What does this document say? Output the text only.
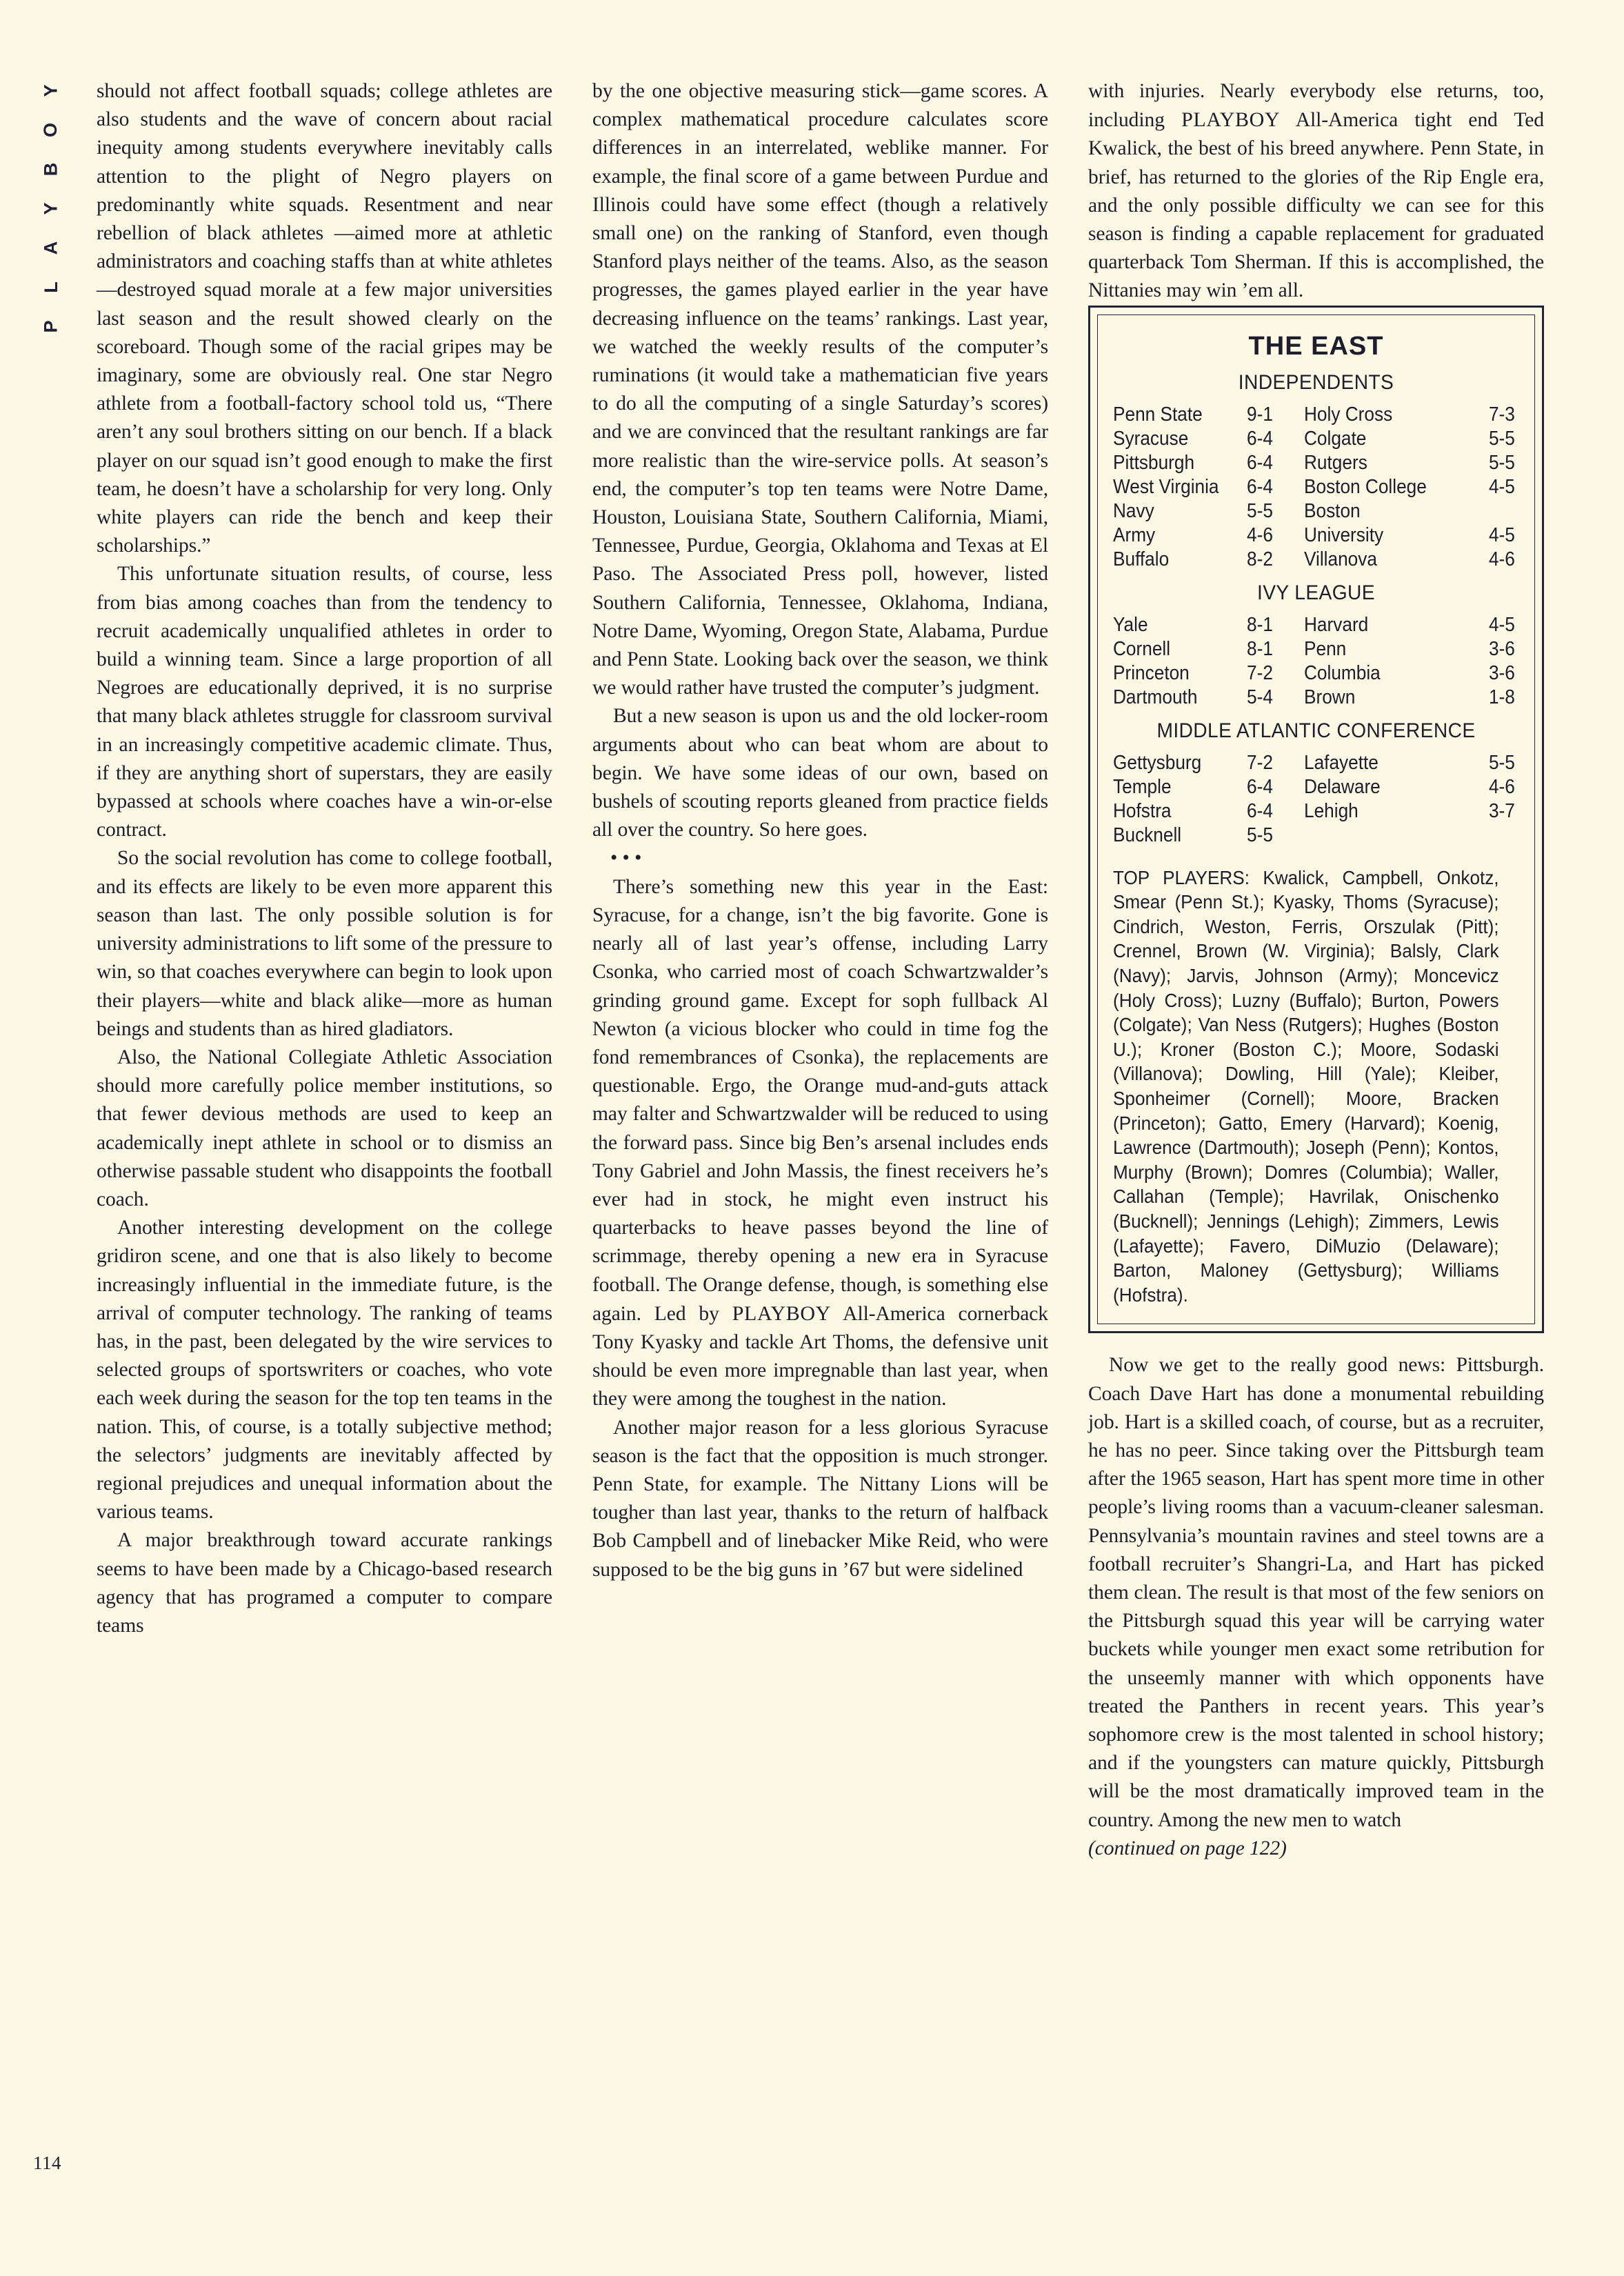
Y
O
B
Y
A
L
P

should not affect football squads; college athletes are also students and the wave of concern about racial inequity among students everywhere inevitably calls attention to the plight of Negro players on predominantly white squads. Resentment and near rebellion of black athletes —aimed more at athletic administrators and coaching staffs than at white athletes —destroyed squad morale at a few major universities last season and the result showed clearly on the scoreboard. Though some of the racial gripes may be imaginary, some are obviously real. One star Negro athlete from a football-factory school told us, “There aren’t any soul brothers sitting on our bench. If a black player on our squad isn’t good enough to make the first team, he doesn’t have a scholarship for very long. Only white players can ride the bench and keep their scholarships.”

This unfortunate situation results, of course, less from bias among coaches than from the tendency to recruit academically unqualified athletes in order to build a winning team. Since a large proportion of all Negroes are educationally deprived, it is no surprise that many black athletes struggle for classroom survival in an increasingly competitive academic climate. Thus, if they are anything short of superstars, they are easily bypassed at schools where coaches have a win-or-else contract.

So the social revolution has come to college football, and its effects are likely to be even more apparent this season than last. The only possible solution is for university administrations to lift some of the pressure to win, so that coaches everywhere can begin to look upon their players—white and black alike—more as human beings and students than as hired gladiators.

Also, the National Collegiate Athletic Association should more carefully police member institutions, so that fewer devious methods are used to keep an academically inept athlete in school or to dismiss an otherwise passable student who disappoints the football coach.

Another interesting development on the college gridiron scene, and one that is also likely to become increasingly influential in the immediate future, is the arrival of computer technology. The ranking of teams has, in the past, been delegated by the wire services to selected groups of sportswriters or coaches, who vote each week during the season for the top ten teams in the nation. This, of course, is a totally subjective method; the selectors’ judgments are inevitably affected by regional prejudices and unequal information about the various teams.

A major breakthrough toward accurate rankings seems to have been made by a Chicago-based research agency that has programed a computer to compare teams

by the one objective measuring stick—game scores. A complex mathematical procedure calculates score differences in an interrelated, weblike manner. For example, the final score of a game between Purdue and Illinois could have some effect (though a relatively small one) on the ranking of Stanford, even though Stanford plays neither of the teams. Also, as the season progresses, the games played earlier in the year have decreasing influence on the teams’ rankings. Last year, we watched the weekly results of the computer’s ruminations (it would take a mathematician five years to do all the computing of a single Saturday’s scores) and we are convinced that the resultant rankings are far more realistic than the wire-service polls. At season’s end, the computer’s top ten teams were Notre Dame, Houston, Louisiana State, Southern California, Miami, Tennessee, Purdue, Georgia, Oklahoma and Texas at El Paso. The Associated Press poll, however, listed Southern California, Tennessee, Oklahoma, Indiana, Notre Dame, Wyoming, Oregon State, Alabama, Purdue and Penn State. Looking back over the season, we think we would rather have trusted the computer’s judgment.

But a new season is upon us and the old locker-room arguments about who can beat whom are about to begin. We have some ideas of our own, based on bushels of scouting reports gleaned from practice fields all over the country. So here goes.

• • •

There’s something new this year in the East: Syracuse, for a change, isn’t the big favorite. Gone is nearly all of last year’s offense, including Larry Csonka, who carried most of coach Schwartzwalder’s grinding ground game. Except for soph fullback Al Newton (a vicious blocker who could in time fog the fond remembrances of Csonka), the replacements are questionable. Ergo, the Orange mud-and-guts attack may falter and Schwartzwalder will be reduced to using the forward pass. Since big Ben’s arsenal includes ends Tony Gabriel and John Massis, the finest receivers he’s ever had in stock, he might even instruct his quarterbacks to heave passes beyond the line of scrimmage, thereby opening a new era in Syracuse football. The Orange defense, though, is something else again. Led by PLAYBOY All-America cornerback Tony Kyasky and tackle Art Thoms, the defensive unit should be even more impregnable than last year, when they were among the toughest in the nation.

Another major reason for a less glorious Syracuse season is the fact that the opposition is much stronger. Penn State, for example. The Nittany Lions will be tougher than last year, thanks to the return of halfback Bob Campbell and of linebacker Mike Reid, who were supposed to be the big guns in ’67 but were sidelined

with injuries. Nearly everybody else returns, too, including PLAYBOY All-America tight end Ted Kwalick, the best of his breed anywhere. Penn State, in brief, has returned to the glories of the Rip Engle era, and the only possible difficulty we can see for this season is finding a capable replacement for graduated quarterback Tom Sherman. If this is accomplished, the Nittanies may win ’em all.

THE EAST
INDEPENDENTS
Penn State	9-1	Holy Cross	7-3
Syracuse	6-4	Colgate	5-5
Pittsburgh	6-4	Rutgers	5-5
West Virginia	6-4	Boston College	4-5
Navy	5-5	Boston	
Army	4-6	University	4-5
Buffalo	8-2	Villanova	4-6
IVY LEAGUE
Yale	8-1	Harvard	4-5
Cornell	8-1	Penn	3-6
Princeton	7-2	Columbia	3-6
Dartmouth	5-4	Brown	1-8
MIDDLE ATLANTIC CONFERENCE
Gettysburg	7-2	Lafayette	5-5
Temple	6-4	Delaware	4-6
Hofstra	6-4	Lehigh	3-7
Bucknell	5-5		
TOP PLAYERS: Kwalick, Campbell, Onkotz, Smear (Penn St.); Kyasky, Thoms (Syracuse); Cindrich, Weston, Ferris, Orszulak (Pitt); Crennel, Brown (W. Virginia); Balsly, Clark (Navy); Jarvis, Johnson (Army); Moncevicz (Holy Cross); Luzny (Buffalo); Burton, Powers (Colgate); Van Ness (Rutgers); Hughes (Boston U.); Kroner (Boston C.); Moore, Sodaski (Villanova); Dowling, Hill (Yale); Kleiber, Sponheimer (Cornell); Moore, Bracken (Princeton); Gatto, Emery (Harvard); Koenig, Lawrence (Dartmouth); Joseph (Penn); Kontos, Murphy (Brown); Domres (Columbia); Waller, Callahan (Temple); Havrilak, Onischenko (Bucknell); Jennings (Lehigh); Zimmers, Lewis (Lafayette); Favero, DiMuzio (Delaware); Barton, Maloney (Gettysburg); Williams (Hofstra).

Now we get to the really good news: Pittsburgh. Coach Dave Hart has done a monumental rebuilding job. Hart is a skilled coach, of course, but as a recruiter, he has no peer. Since taking over the Pittsburgh team after the 1965 season, Hart has spent more time in other people’s living rooms than a vacuum-cleaner salesman. Pennsylvania’s mountain ravines and steel towns are a football recruiter’s Shangri-La, and Hart has picked them clean. The result is that most of the few seniors on the Pittsburgh squad this year will be carrying water buckets while younger men exact some retribution for the unseemly manner with which opponents have treated the Panthers in recent years. This year’s sophomore crew is the most talented in school history; and if the youngsters can mature quickly, Pittsburgh will be the most dramatically improved team in the country. Among the new men to watch

(continued on page 122)

114
